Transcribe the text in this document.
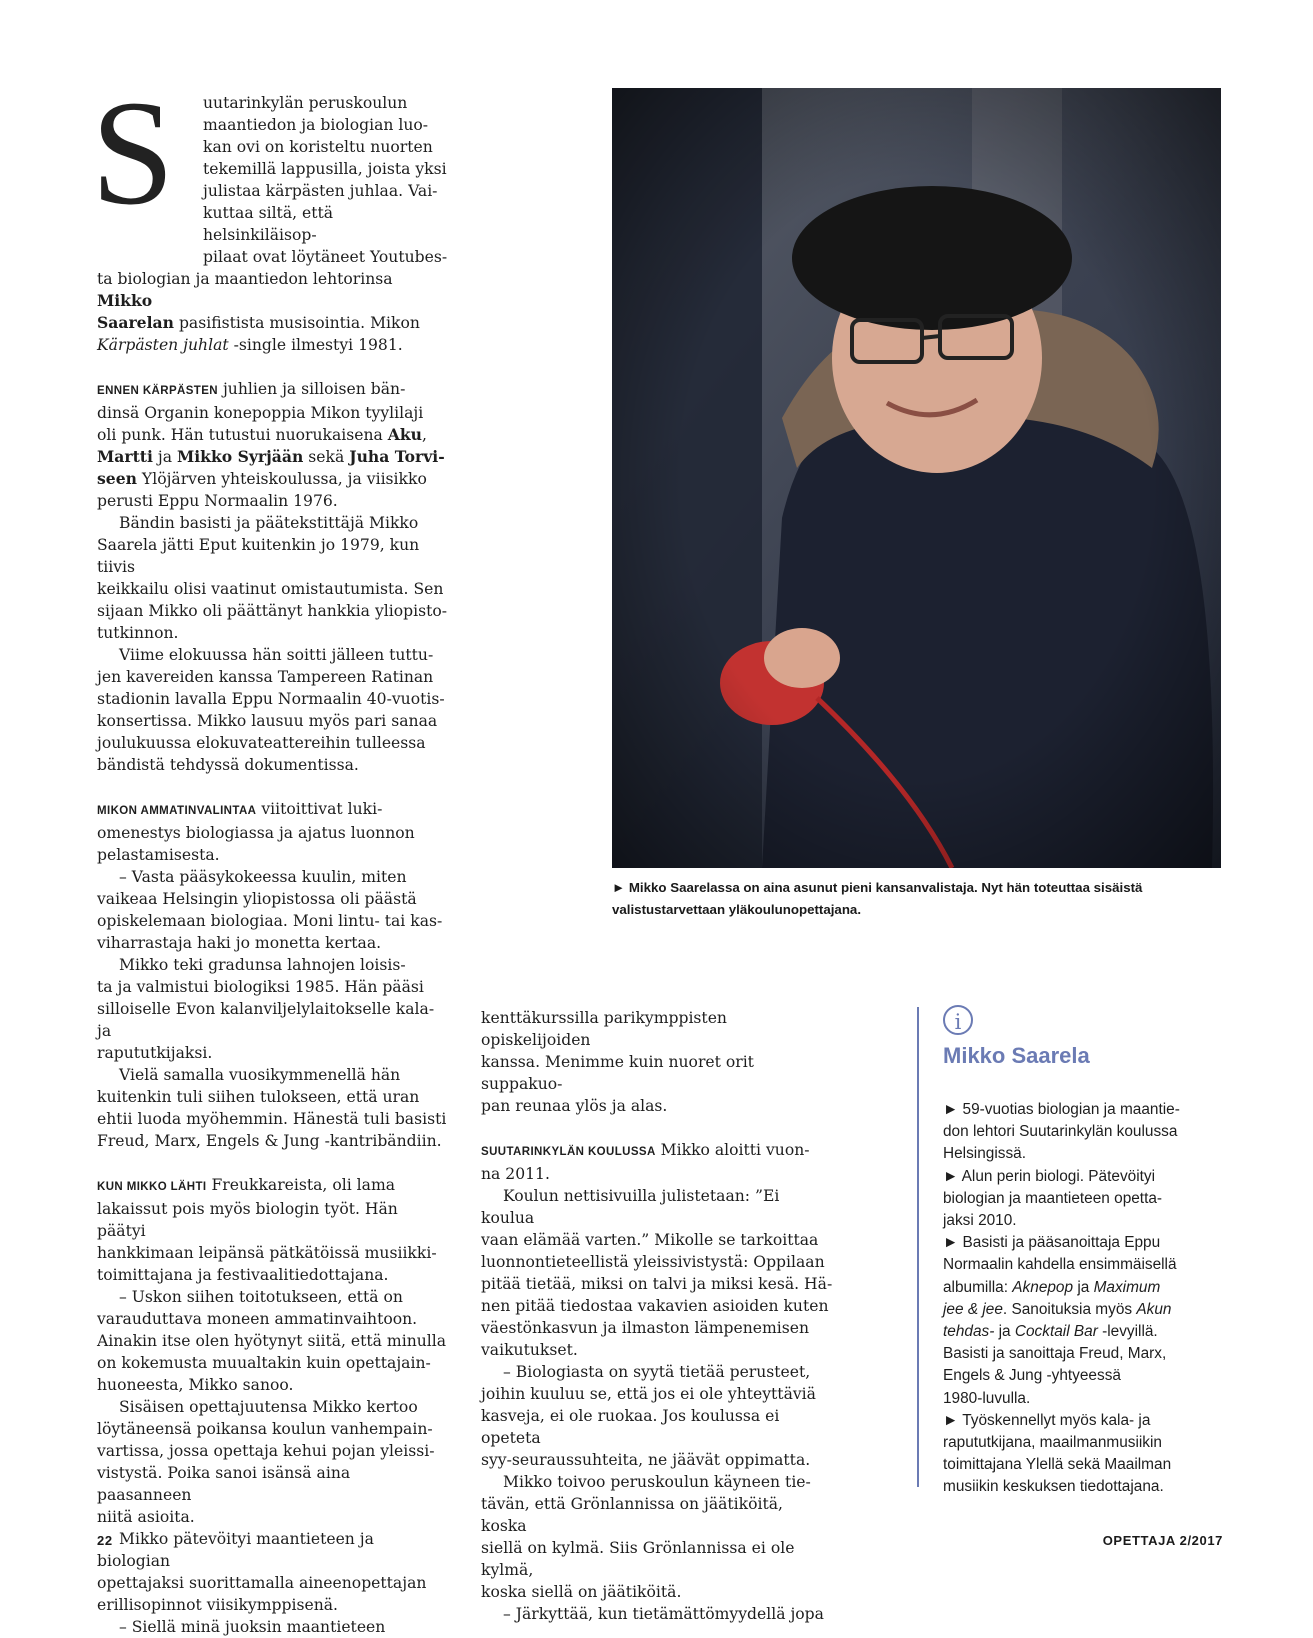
S	uutarinkylän peruskoulun
maantiedon ja biologian luo-
kan ovi on koristeltu nuorten
tekemillä lappusilla, joista yksi
julistaa kärpästen juhlaa. Vai-
kuttaa siltä, että helsinkiläisop-
pilaat ovat löytäneet Youtubes-
ta biologian ja maantiedon lehtorinsa Mikko
Saarelan pasifistista musisointia. Mikon
Kärpästen juhlat -single ilmestyi 1981.
ENNEN KÄRPÄSTEN juhlien ja silloisen bän-
dinsä Organin konepoppia Mikon tyylilaji
oli punk. Hän tutustui nuorukaisena Aku,
Martti ja Mikko Syrjään sekä Juha Torvi-
seen Ylöjärven yhteiskoulussa, ja viisikko
perusti Eppu Normaalin 1976.
Bändin basisti ja päätekstittäjä Mikko
Saarela jätti Eput kuitenkin jo 1979, kun tiivis
keikkailu olisi vaatinut omistautumista. Sen
sijaan Mikko oli päättänyt hankkia yliopisto-
tutkinnon.
Viime elokuussa hän soitti jälleen tuttu-
jen kavereiden kanssa Tampereen Ratinan
stadionin lavalla Eppu Normaalin 40-vuotis-
konsertissa. Mikko lausuu myös pari sanaa
joulukuussa elokuvateattereihin tulleessa
bändistä tehdyssä dokumentissa.
MIKON AMMATINVALINTAA viitoittivat luki-
omenestys biologiassa ja ajatus luonnon
pelastamisesta.
– Vasta pääsykokeessa kuulin, miten
vaikeaa Helsingin yliopistossa oli päästä
opiskelemaan biologiaa. Moni lintu- tai kas-
viharrastaja haki jo monetta kertaa.
Mikko teki gradunsa lahnojen loisis-
ta ja valmistui biologiksi 1985. Hän pääsi
silloiselle Evon kalanviljelylaitokselle kala- ja
rapututkijaksi.
Vielä samalla vuosikymmenellä hän
kuitenkin tuli siihen tulokseen, että uran
ehtii luoda myöhemmin. Hänestä tuli basisti
Freud, Marx, Engels & Jung -kantribändiin.
KUN MIKKO LÄHTI Freukkareista, oli lama
lakaissut pois myös biologin työt. Hän päätyi
hankkimaan leipänsä pätkätöissä musiikki-
toimittajana ja festivaalitiedottajana.
– Uskon siihen toitotukseen, että on
varauduttava moneen ammatinvaihtoon.
Ainakin itse olen hyötynyt siitä, että minulla
on kokemusta muualtakin kuin opettajain-
huoneesta, Mikko sanoo.
Sisäisen opettajuutensa Mikko kertoo
löytäneensä poikansa koulun vanhempain-
vartissa, jossa opettaja kehui pojan yleissi-
vistystä. Poika sanoi isänsä aina paasanneen
niitä asioita.
Mikko pätevöityi maantieteen ja biologian
opettajaksi suorittamalla aineenopettajan
erillisopinnot viisikymppisenä.
– Siellä minä juoksin maantieteen
► Mikko Saarelassa on aina asunut pieni kansanvalistaja. Nyt hän toteuttaa sisäistä
valistustarvettaan yläkoulunopettajana.
kenttäkurssilla parikymppisten opiskelijoiden
kanssa. Menimme kuin nuoret orit suppakuo-
pan reunaa ylös ja alas.
SUUTARINKYLÄN KOULUSSA Mikko aloitti vuon-
na 2011.
Koulun nettisivuilla julistetaan: ”Ei koulua
vaan elämää varten.” Mikolle se tarkoittaa
luonnontieteellistä yleissivistystä: Oppilaan
pitää tietää, miksi on talvi ja miksi kesä. Hä-
nen pitää tiedostaa vakavien asioiden kuten
väestönkasvun ja ilmaston lämpenemisen
vaikutukset.
– Biologiasta on syytä tietää perusteet,
joihin kuuluu se, että jos ei ole yhteyttäviä
kasveja, ei ole ruokaa. Jos koulussa ei opeteta
syy-seuraussuhteita, ne jäävät oppimatta.
Mikko toivoo peruskoulun käyneen tie-
tävän, että Grönlannissa on jäätiköitä, koska
siellä on kylmä. Siis Grönlannissa ei ole kylmä,
koska siellä on jäätiköitä.
– Järkyttää, kun tietämättömyydellä jopa
i

Mikko Saarela

► 59-vuotias biologian ja maantie-
don lehtori Suutarinkylän koulussa
Helsingissä.
► Alun perin biologi. Pätevöityi
biologian ja maantieteen opetta-
jaksi 2010.
► Basisti ja pääsanoittaja Eppu
Normaalin kahdella ensimmäisellä
albumilla: Aknepop ja Maximum
jee & jee. Sanoituksia myös Akun
tehdas- ja Cocktail Bar -levyillä.
Basisti ja sanoittaja Freud, Marx,
Engels & Jung -yhtyeessä
1980-luvulla.
► Työskennellyt myös kala- ja
rapututkijana, maailmanmusiikin
toimittajana Ylellä sekä Maailman
musiikin keskuksen tiedottajana.
22	OPETTAJA 2/2017
